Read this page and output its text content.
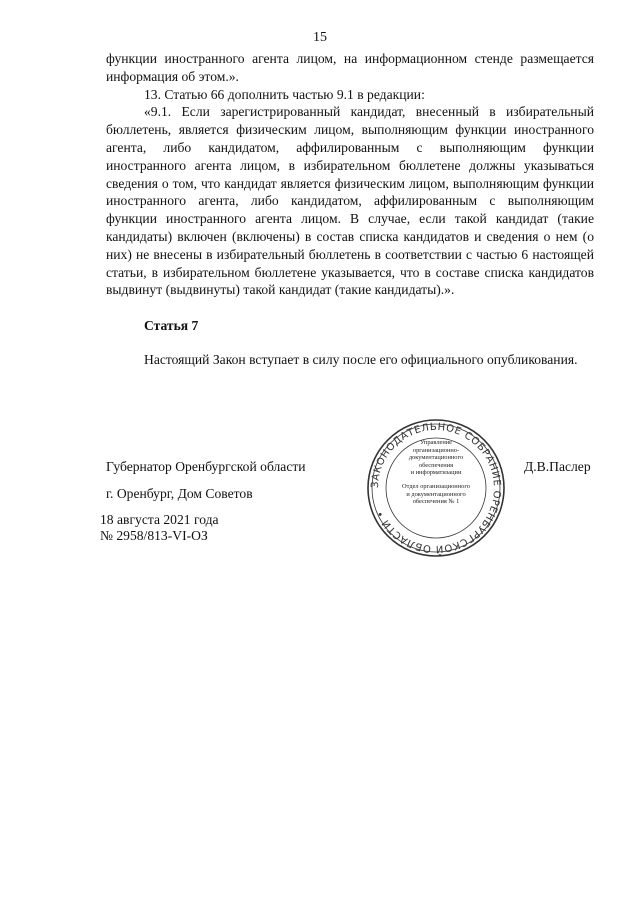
15

функции иностранного агента лицом, на информационном стенде размещается информация об этом.».

13. Статью 66 дополнить частью 9.1 в редакции:

«9.1. Если зарегистрированный кандидат, внесенный в избирательный бюллетень, является физическим лицом, выполняющим функции иностранного агента, либо кандидатом, аффилированным с выполняющим функции иностранного агента лицом, в избирательном бюллетене должны указываться сведения о том, что кандидат является физическим лицом, выполняющим функции иностранного агента, либо кандидатом, аффилированным с выполняющим функции иностранного агента лицом. В случае, если такой кандидат (такие кандидаты) включен (включены) в состав списка кандидатов и сведения о нем (о них) не внесены в избирательный бюллетень в соответствии с частью 6 настоящей статьи, в избирательном бюллетене указывается, что в составе списка кандидатов выдвинут (выдвинуты) такой кандидат (такие кандидаты).».

Статья 7

Настоящий Закон вступает в силу после его официального опубликования.

Губернатор Оренбургской области	Д.В.Паслер
г. Оренбург, Дом Советов
18 августа 2021 года
№ 2958/813-VI-ОЗ
ЗАКОНОДАТЕЛЬНОЕ СОБРАНИЕ ОРЕНБУРГСКОЙ ОБЛАСТИ •
Управление
организационно-
документационного
обеспечения
и информатизации
Отдел организационного
и документационного
обеспечения № 1
